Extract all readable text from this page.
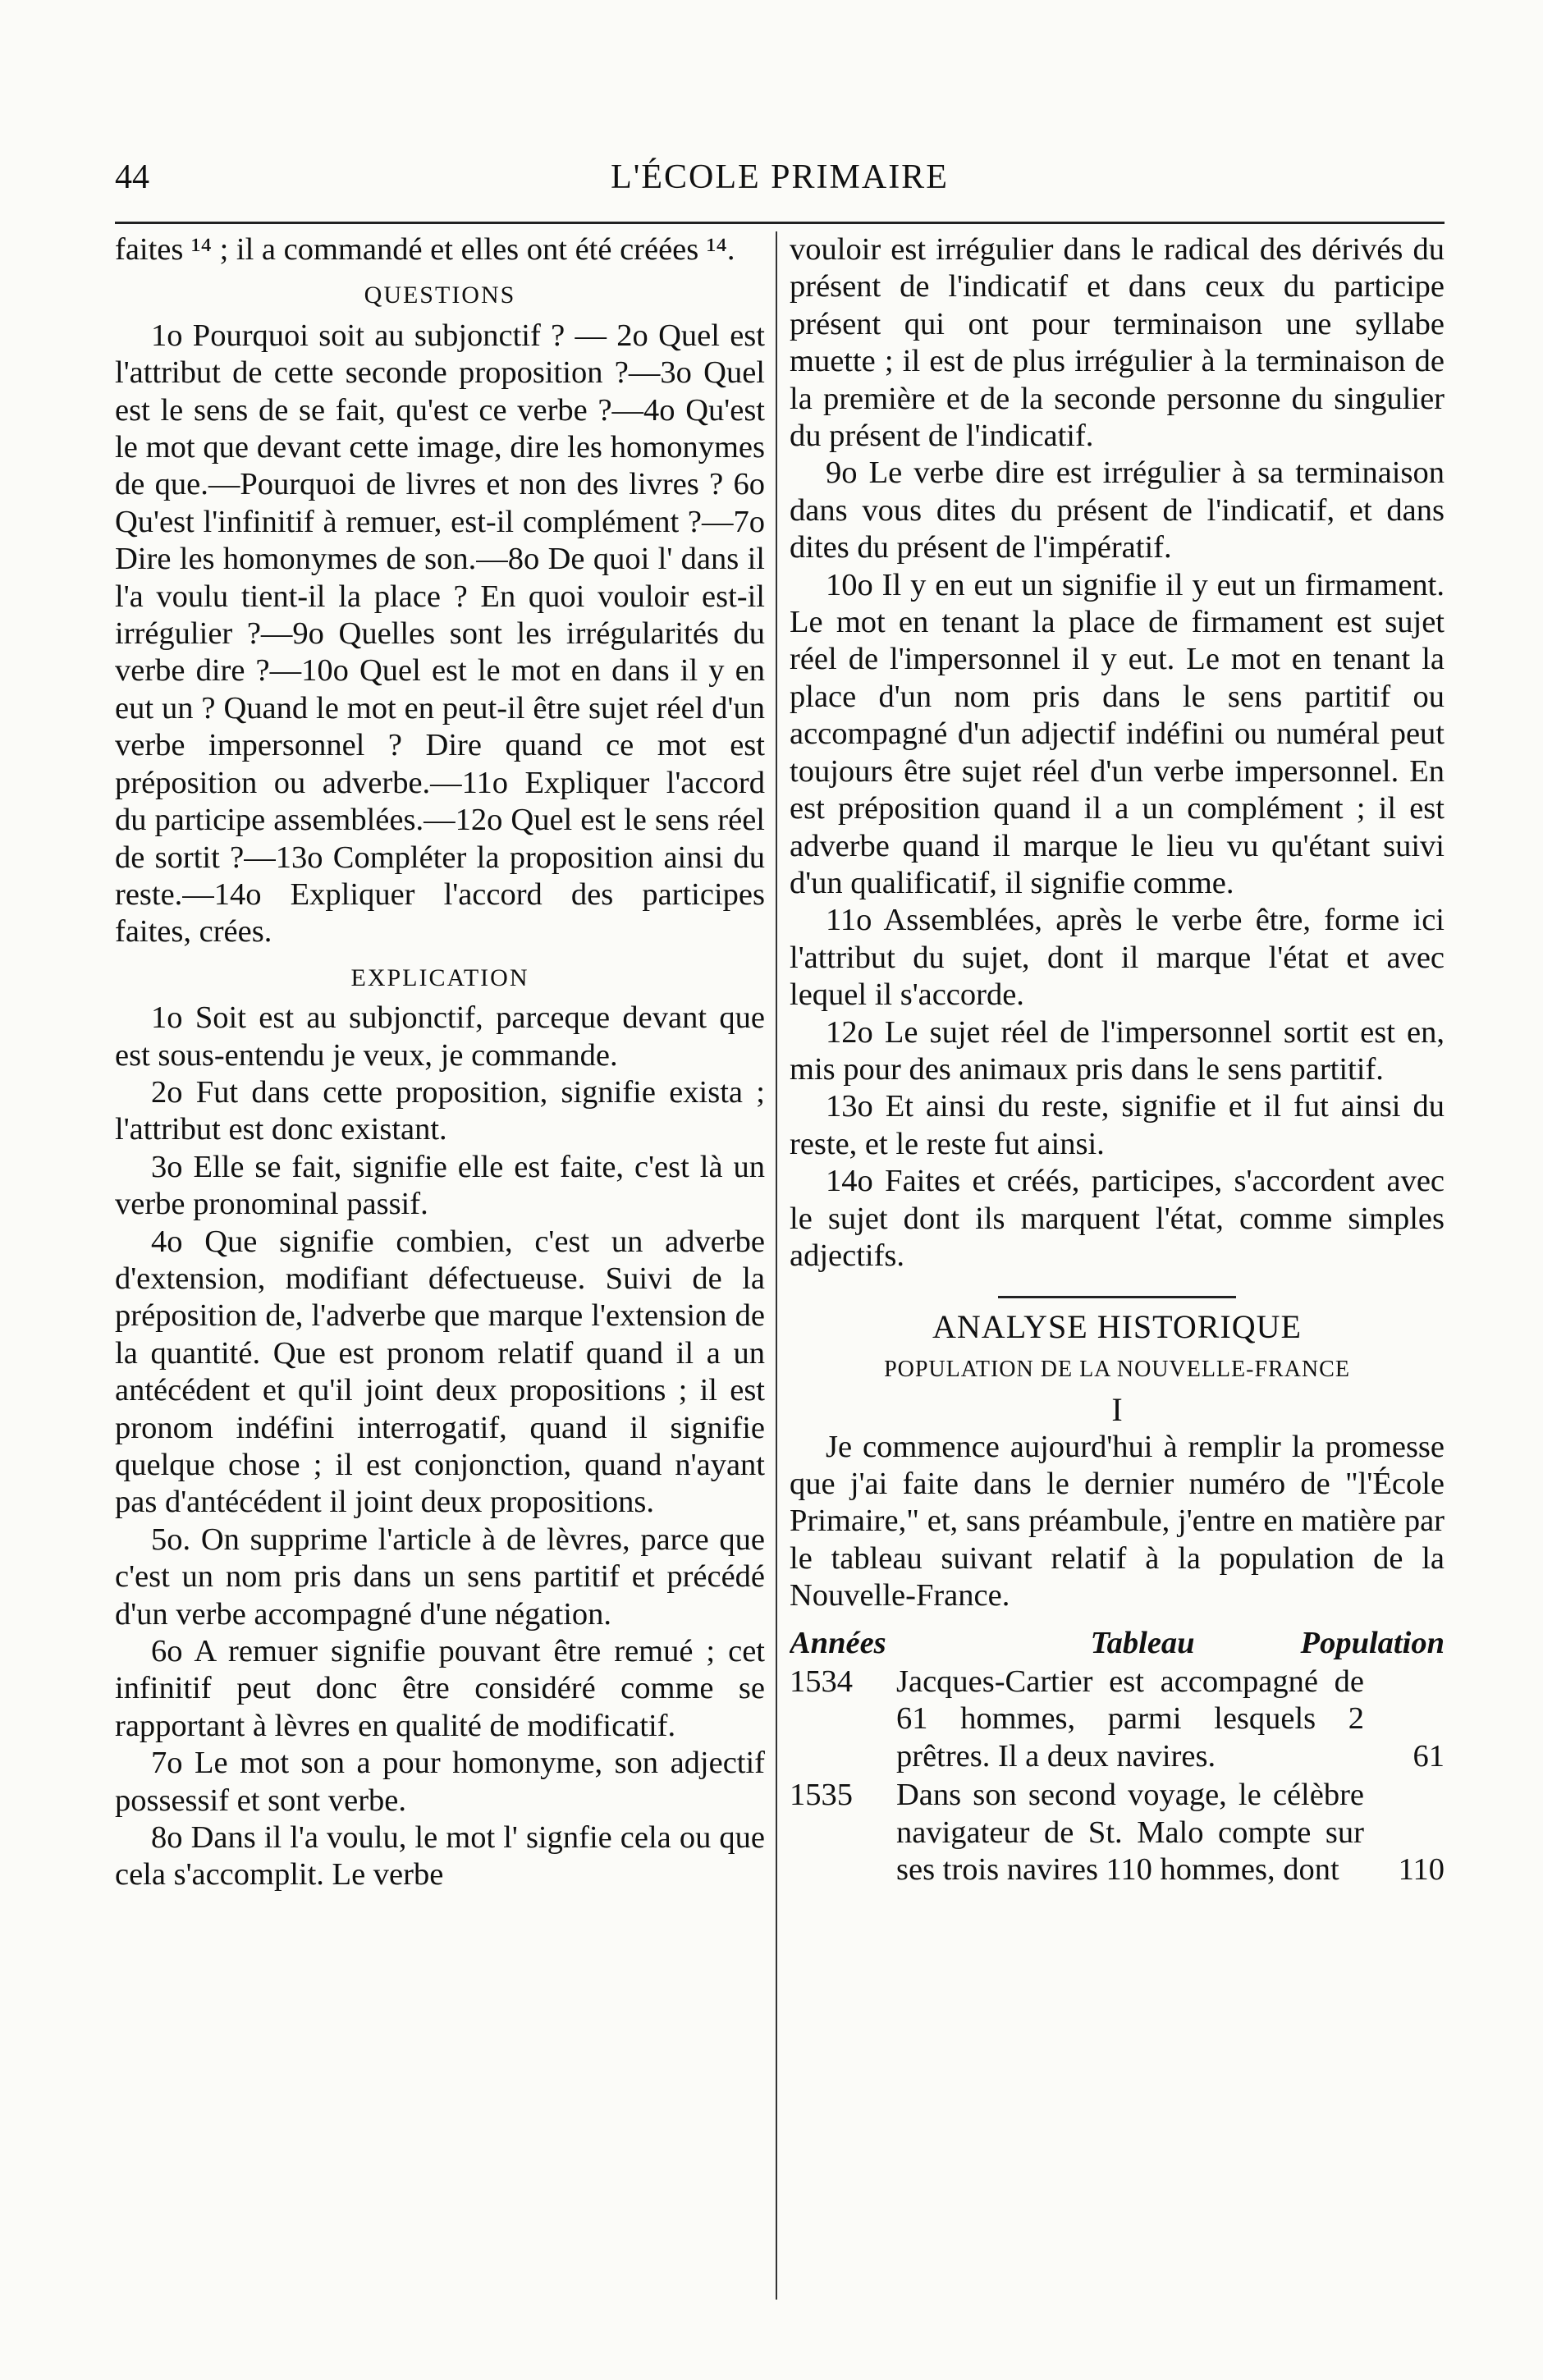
44	L'ÉCOLE PRIMAIRE

faites ¹⁴ ; il a commandé et elles ont été créées ¹⁴.

QUESTIONS

1o Pourquoi soit au subjonctif ? — 2o Quel est l'attribut de cette seconde proposition ?—3o Quel est le sens de se fait, qu'est ce verbe ?—4o Qu'est le mot que devant cette image, dire les homonymes de que.—Pourquoi de livres et non des livres ? 6o Qu'est l'infinitif à remuer, est-il complément ?—7o Dire les homonymes de son.—8o De quoi l' dans il l'a voulu tient-il la place ? En quoi vouloir est-il irrégulier ?—9o Quelles sont les irrégularités du verbe dire ?—10o Quel est le mot en dans il y en eut un ? Quand le mot en peut-il être sujet réel d'un verbe impersonnel ? Dire quand ce mot est préposition ou adverbe.—11o Expliquer l'accord du participe assemblées.—12o Quel est le sens réel de sortit ?—13o Compléter la proposition ainsi du reste.—14o Expliquer l'accord des participes faites, crées.

EXPLICATION

1o Soit est au subjonctif, parceque devant que est sous-entendu je veux, je commande.

2o Fut dans cette proposition, signifie exista ; l'attribut est donc existant.

3o Elle se fait, signifie elle est faite, c'est là un verbe pronominal passif.

4o Que signifie combien, c'est un adverbe d'extension, modifiant défectueuse. Suivi de la préposition de, l'adverbe que marque l'extension de la quantité. Que est pronom relatif quand il a un antécédent et qu'il joint deux propositions ; il est pronom indéfini interrogatif, quand il signifie quelque chose ; il est conjonction, quand n'ayant pas d'antécédent il joint deux propositions.

5o. On supprime l'article à de lèvres, parce que c'est un nom pris dans un sens partitif et précédé d'un verbe accompagné d'une négation.

6o A remuer signifie pouvant être remué ; cet infinitif peut donc être considéré comme se rapportant à lèvres en qualité de modificatif.

7o Le mot son a pour homonyme, son adjectif possessif et sont verbe.

8o Dans il l'a voulu, le mot l' signfie cela ou que cela s'accomplit. Le verbe

vouloir est irrégulier dans le radical des dérivés du présent de l'indicatif et dans ceux du participe présent qui ont pour terminaison une syllabe muette ; il est de plus irrégulier à la terminaison de la première et de la seconde personne du singulier du présent de l'indicatif.

9o Le verbe dire est irrégulier à sa terminaison dans vous dites du présent de l'indicatif, et dans dites du présent de l'impératif.

10o Il y en eut un signifie il y eut un firmament. Le mot en tenant la place de firmament est sujet réel de l'impersonnel il y eut. Le mot en tenant la place d'un nom pris dans le sens partitif ou accompagné d'un adjectif indéfini ou numéral peut toujours être sujet réel d'un verbe impersonnel. En est préposition quand il a un complément ; il est adverbe quand il marque le lieu vu qu'étant suivi d'un qualificatif, il signifie comme.

11o Assemblées, après le verbe être, forme ici l'attribut du sujet, dont il marque l'état et avec lequel il s'accorde.

12o Le sujet réel de l'impersonnel sortit est en, mis pour des animaux pris dans le sens partitif.

13o Et ainsi du reste, signifie et il fut ainsi du reste, et le reste fut ainsi.

14o Faites et créés, participes, s'accordent avec le sujet dont ils marquent l'état, comme simples adjectifs.

ANALYSE HISTORIQUE
POPULATION DE LA NOUVELLE-FRANCE
I

Je commence aujourd'hui à remplir la promesse que j'ai faite dans le dernier numéro de "l'École Primaire," et, sans préambule, j'entre en matière par le tableau suivant relatif à la population de la Nouvelle-France.

Années	Tableau	Population
1534	Jacques-Cartier est accompagné de 61 hommes, parmi lesquels 2 prêtres. Il a deux navires.	61
1535	Dans son second voyage, le célèbre navigateur de St. Malo compte sur ses trois navires 110 hommes, dont	110
